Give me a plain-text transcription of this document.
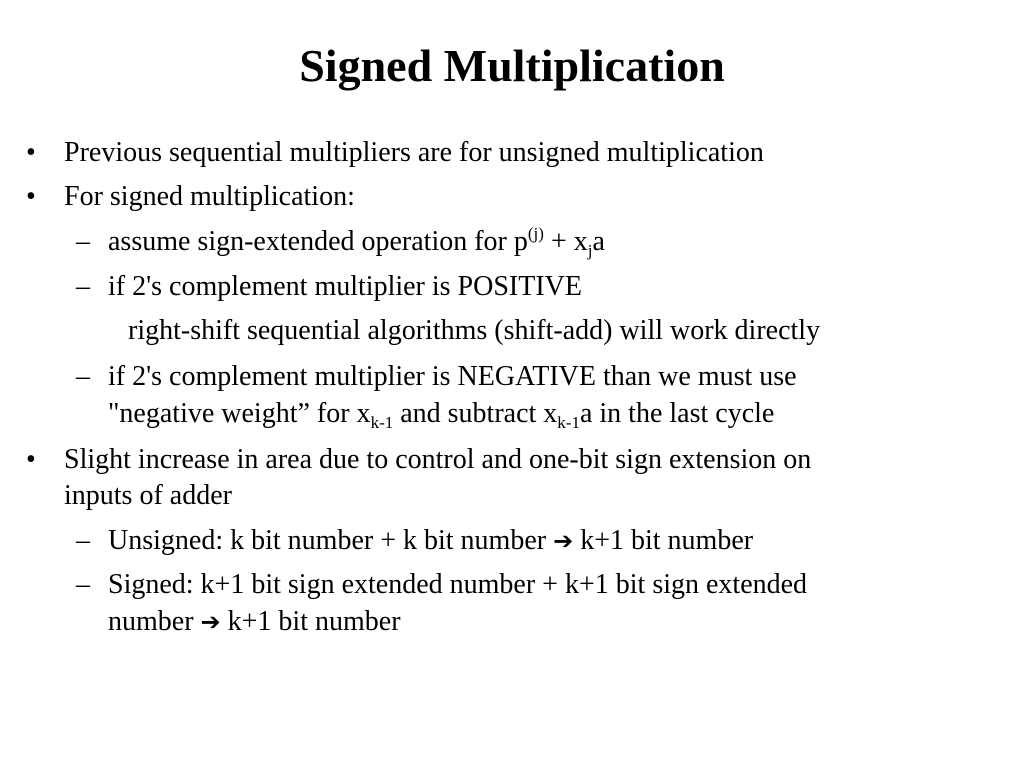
Signed Multiplication
• Previous sequential multipliers are for unsigned multiplication
• For signed multiplication:
– assume sign-extended operation for $p^{(j)} + x_ja$
– if 2's complement multiplier is POSITIVE
right-shift sequential algorithms (shift-add) will work directly
– if 2's complement multiplier is NEGATIVE than we must use
"negative weight” for $x_{k-1}$ and subtract $x_{k-1}a$ in the last cycle
• Slight increase in area due to control and one-bit sign extension on
inputs of adder
– Unsigned: k bit number + k bit number ➔ k+1 bit number
– Signed: k+1 bit sign extended number + k+1 bit sign extended
number ➔ k+1 bit number
